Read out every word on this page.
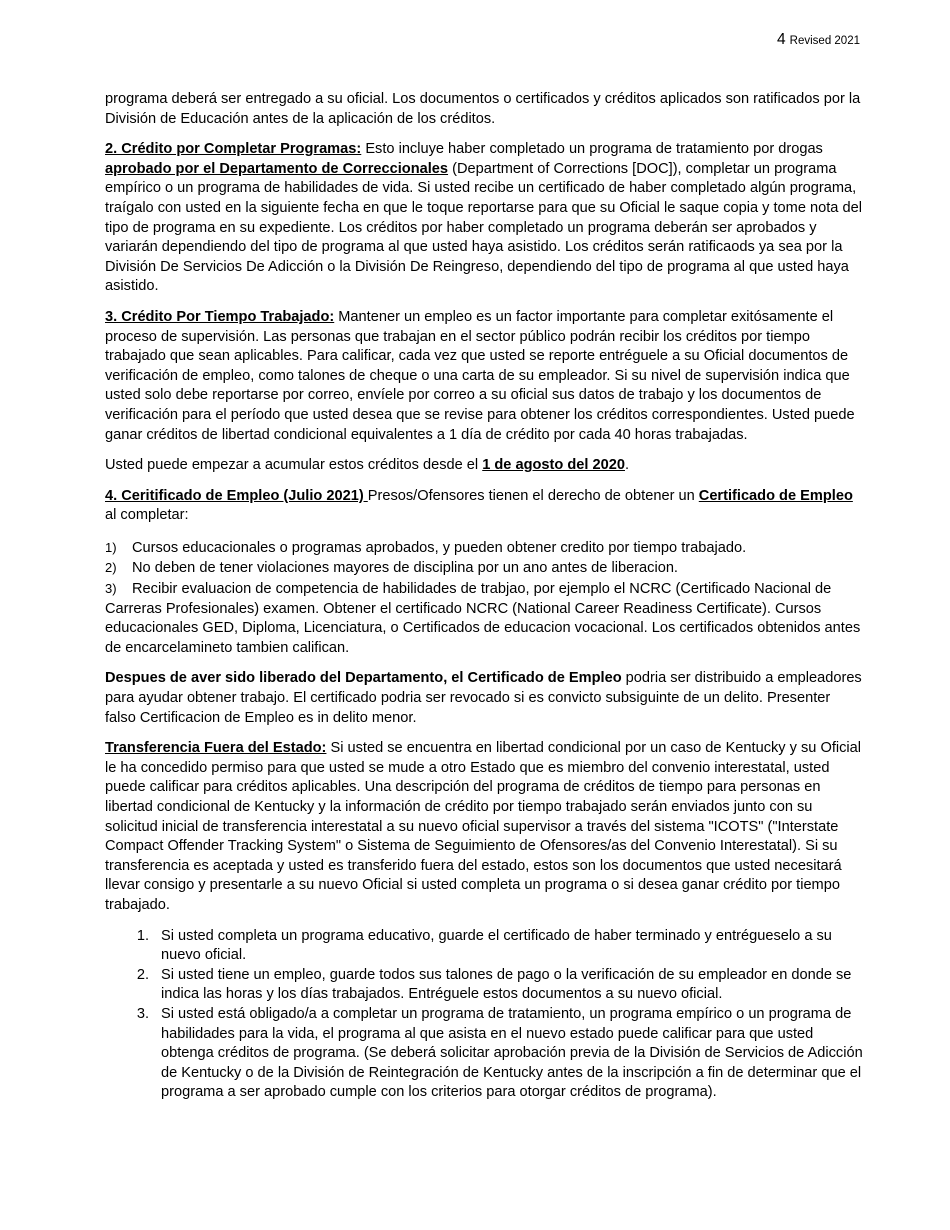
4 Revised 2021

programa deberá ser entregado a su oficial. Los documentos o certificados y créditos aplicados son ratificados por la División de Educación antes de la aplicación de los créditos.

2. Crédito por Completar Programas: Esto incluye haber completado un programa de tratamiento por drogas aprobado por el Departamento de Correccionales (Department of Corrections [DOC]), completar un programa empírico o un programa de habilidades de vida. Si usted recibe un certificado de haber completado algún programa, traígalo con usted en la siguiente fecha en que le toque reportarse para que su Oficial le saque copia y tome nota del tipo de programa en su expediente. Los créditos por haber completado un programa deberán ser aprobados y variarán dependiendo del tipo de programa al que usted haya asistido. Los créditos serán ratificaods ya sea por la División De Servicios De Adicción o la División De Reingreso, dependiendo del tipo de programa al que usted haya asistido.

3. Crédito Por Tiempo Trabajado: Mantener un empleo es un factor importante para completar exitósamente el proceso de supervisión. Las personas que trabajan en el sector público podrán recibir los créditos por tiempo trabajado que sean aplicables. Para calificar, cada vez que usted se reporte entréguele a su Oficial documentos de verificación de empleo, como talones de cheque o una carta de su empleador. Si su nivel de supervisión indica que usted solo debe reportarse por correo, envíele por correo a su oficial sus datos de trabajo y los documentos de verificación para el período que usted desea que se revise para obtener los créditos correspondientes. Usted puede ganar créditos de libertad condicional equivalentes a 1 día de crédito por cada 40 horas trabajadas.

Usted puede empezar a acumular estos créditos desde el 1 de agosto del 2020.

4. Ceritificado de Empleo (Julio 2021) Presos/Ofensores tienen el derecho de obtener un Certificado de Empleo al completar:

1) Cursos educacionales o programas aprobados, y pueden obtener credito por tiempo trabajado.

2) No deben de tener violaciones mayores de disciplina por un ano antes de liberacion.

3) Recibir evaluacion de competencia de habilidades de trabjao, por ejemplo el NCRC (Certificado Nacional de Carreras Profesionales) examen. Obtener el certificado NCRC (National Career Readiness Certificate). Cursos educacionales GED, Diploma, Licenciatura, o Certificados de educacion vocacional. Los certificados obtenidos antes de encarcelamineto tambien califican.

Despues de aver sido liberado del Departamento, el Certificado de Empleo podria ser distribuido a empleadores para ayudar obtener trabajo. El certificado podria ser revocado si es convicto subsiguinte de un delito. Presenter falso Certificacion de Empleo es in delito menor.

Transferencia Fuera del Estado: Si usted se encuentra en libertad condicional por un caso de Kentucky y su Oficial le ha concedido permiso para que usted se mude a otro Estado que es miembro del convenio interestatal, usted puede calificar para créditos aplicables. Una descripción del programa de créditos de tiempo para personas en libertad condicional de Kentucky y la información de crédito por tiempo trabajado serán enviados junto con su solicitud inicial de transferencia interestatal a su nuevo oficial supervisor a través del sistema "ICOTS" ("Interstate Compact Offender Tracking System" o Sistema de Seguimiento de Ofensores/as del Convenio Interestatal). Si su transferencia es aceptada y usted es transferido fuera del estado, estos son los documentos que usted necesitará llevar consigo y presentarle a su nuevo Oficial si usted completa un programa o si desea ganar crédito por tiempo trabajado.

1. Si usted completa un programa educativo, guarde el certificado de haber terminado y entrégueselo a su nuevo oficial.
2. Si usted tiene un empleo, guarde todos sus talones de pago o la verificación de su empleador en donde se indica las horas y los días trabajados. Entréguele estos documentos a su nuevo oficial.
3. Si usted está obligado/a a completar un programa de tratamiento, un programa empírico o un programa de habilidades para la vida, el programa al que asista en el nuevo estado puede calificar para que usted obtenga créditos de programa. (Se deberá solicitar aprobación previa de la División de Servicios de Adicción de Kentucky o de la División de Reintegración de Kentucky antes de la inscripción a fin de determinar que el programa a ser aprobado cumple con los criterios para otorgar créditos de programa).
